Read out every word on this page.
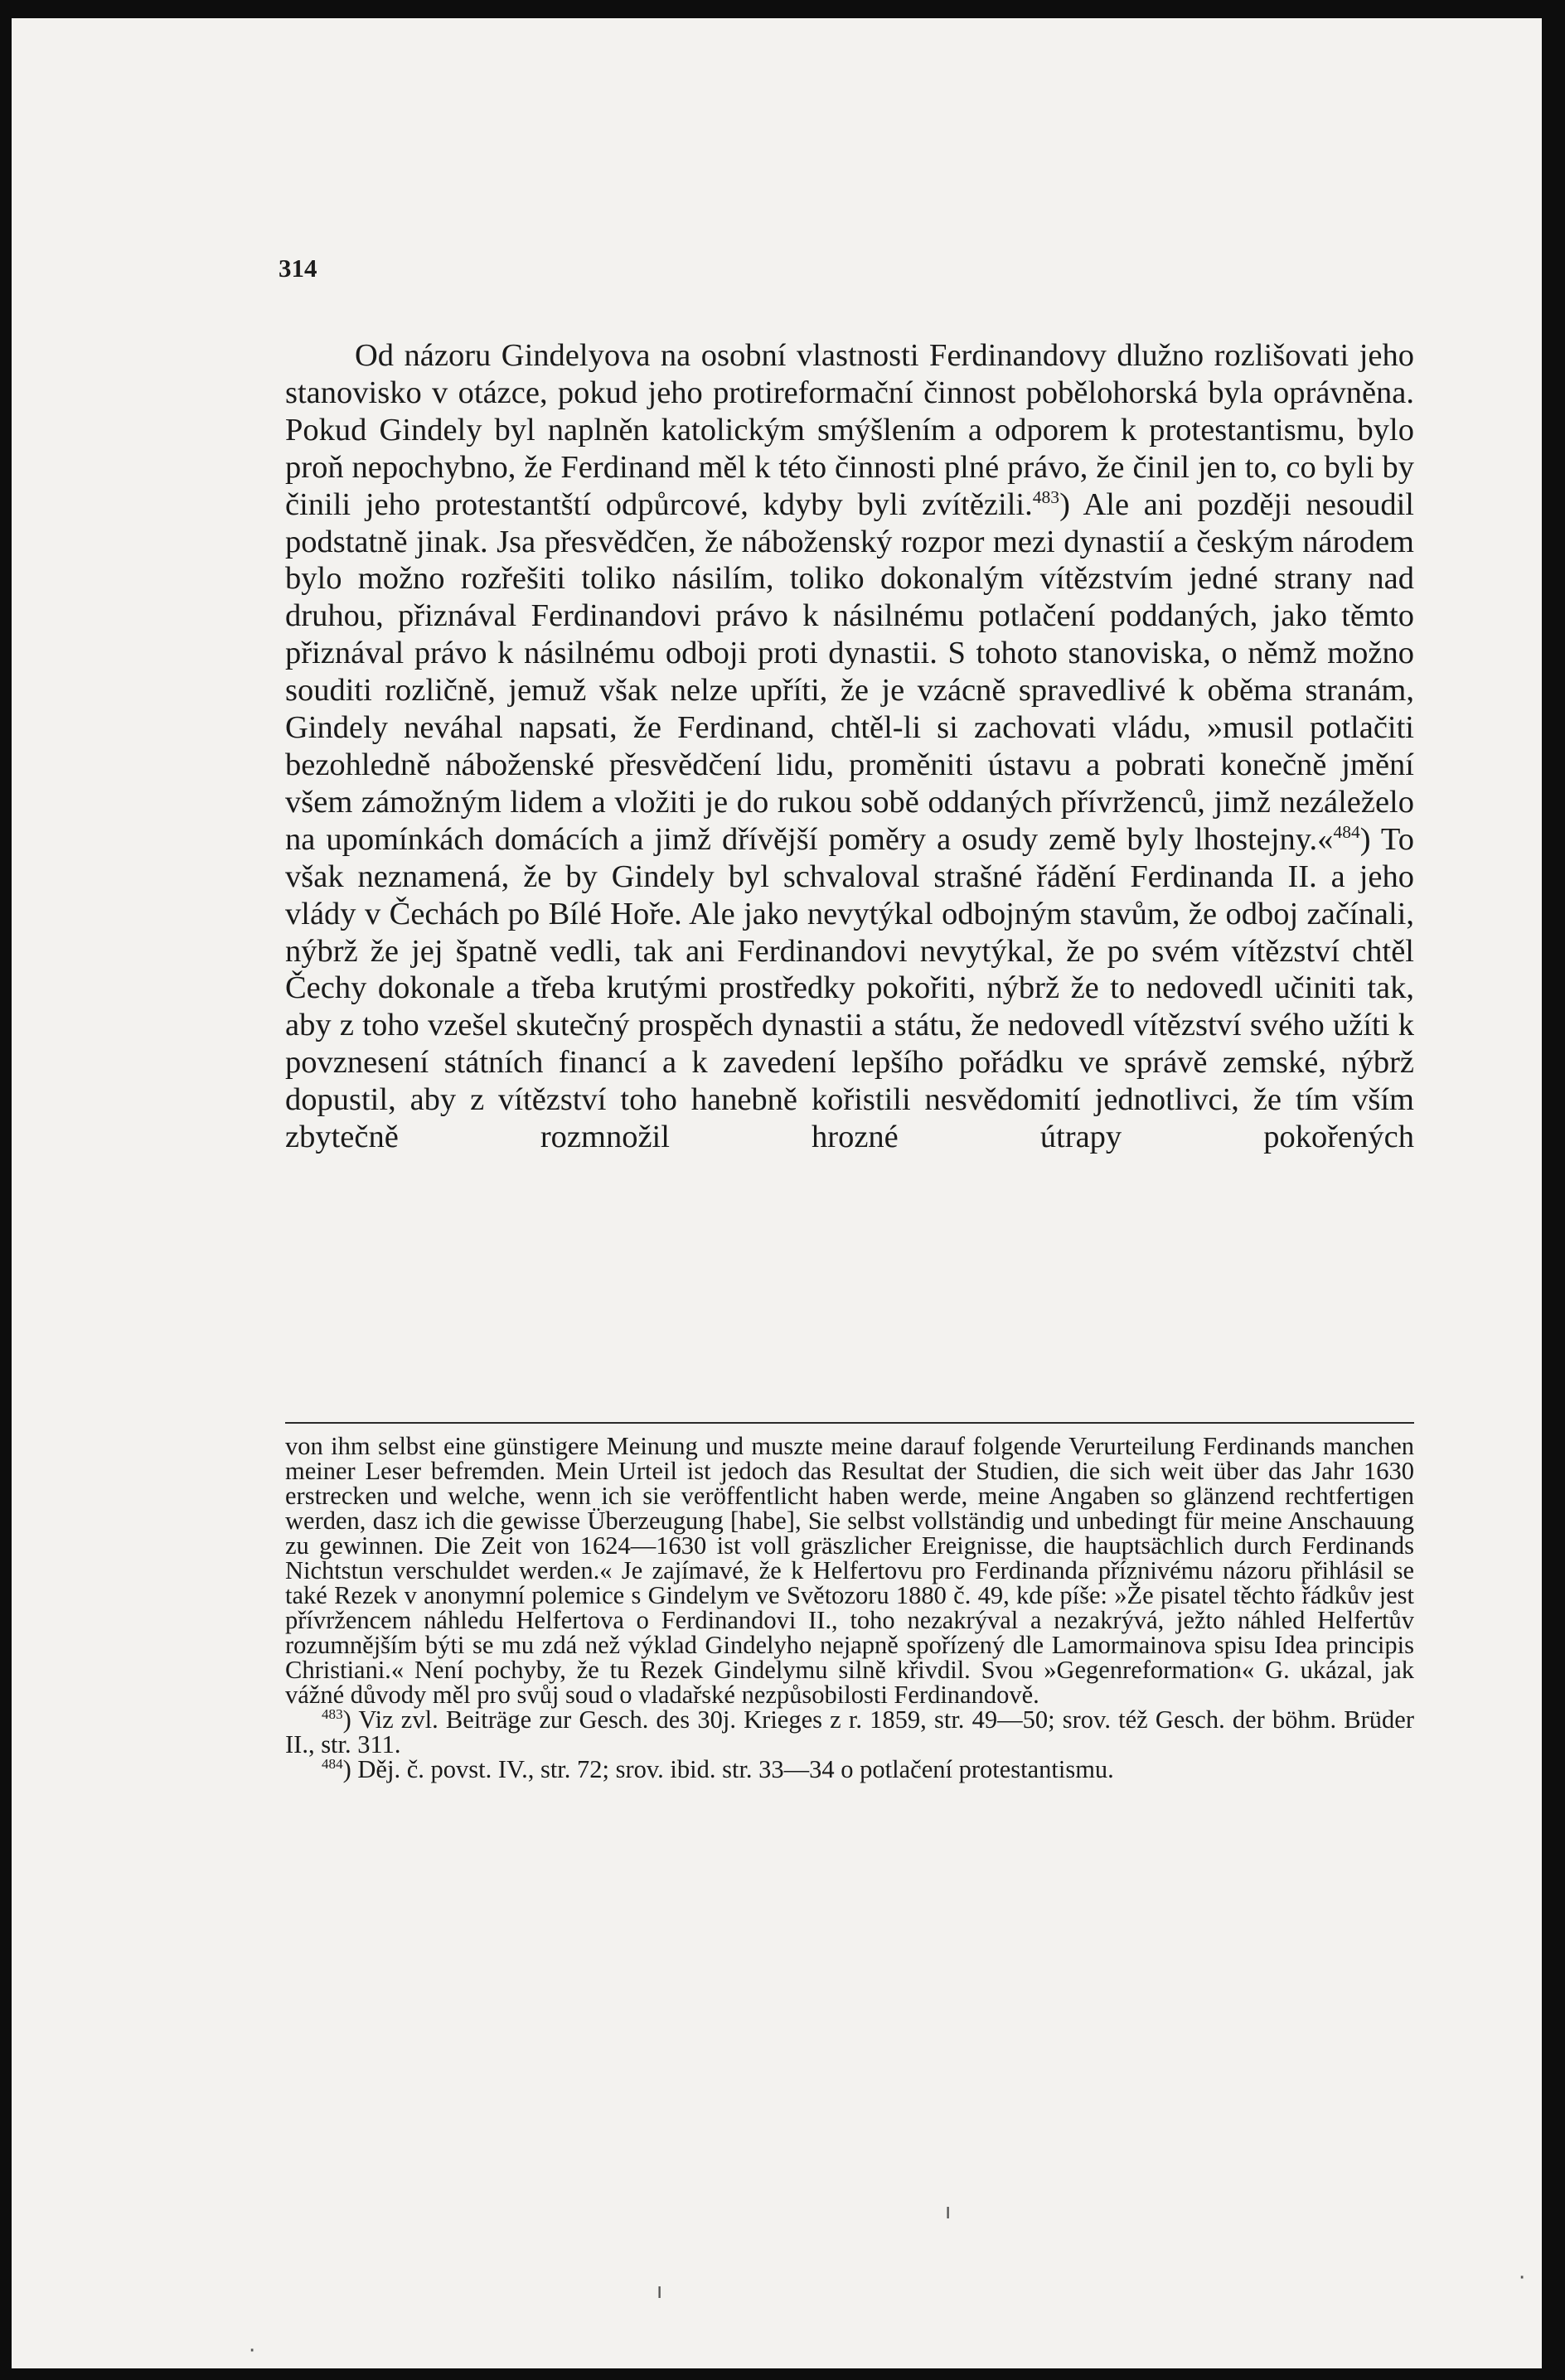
314

Od názoru Gindelyova na osobní vlastnosti Ferdinandovy dlužno rozlišovati jeho stanovisko v otázce, pokud jeho protireformační činnost pobělohorská byla oprávněna. Pokud Gindely byl naplněn katolickým smýšlením a odporem k protestantismu, bylo proň nepochybno, že Ferdinand měl k této činnosti plné právo, že činil jen to, co byli by činili jeho protestantští odpůrcové, kdyby byli zvítězili.$^{483}$) Ale ani později nesoudil podstatně jinak. Jsa přesvědčen, že náboženský rozpor mezi dynastií a českým národem bylo možno rozřešiti toliko násilím, toliko dokonalým vítězstvím jedné strany nad druhou, přiznával Ferdinandovi právo k násilnému potlačení poddaných, jako těmto přiznával právo k násilnému odboji proti dynastii. S tohoto stanoviska, o němž možno souditi rozličně, jemuž však nelze upříti, že je vzácně spravedlivé k oběma stranám, Gindely neváhal napsati, že Ferdinand, chtěl-li si zachovati vládu, »musil potlačiti bezohledně náboženské přesvědčení lidu, proměniti ústavu a pobrati konečně jmění všem zámožným lidem a vložiti je do rukou sobě oddaných přívrženců, jimž nezáleželo na upomínkách domácích a jimž dřívější poměry a osudy země byly lhostejny.«$^{484}$) To však neznamená, že by Gindely byl schvaloval strašné řádění Ferdinanda II. a jeho vlády v Čechách po Bílé Hoře. Ale jako nevytýkal odbojným stavům, že odboj začínali, nýbrž že jej špatně vedli, tak ani Ferdinandovi nevytýkal, že po svém vítězství chtěl Čechy dokonale a třeba krutými prostředky pokořiti, nýbrž že to nedovedl učiniti tak, aby z toho vzešel skutečný prospěch dynastii a státu, že nedovedl vítězství svého užíti k povznesení státních financí a k zavedení lepšího pořádku ve správě zemské, nýbrž dopustil, aby z vítězství toho hanebně kořistili nesvědomití jednotlivci, že tím vším zbytečně rozmnožil hrozné útrapy pokořených

von ihm selbst eine günstigere Meinung und muszte meine darauf folgende Verurteilung Ferdinands manchen meiner Leser befremden. Mein Urteil ist jedoch das Resultat der Studien, die sich weit über das Jahr 1630 erstrecken und welche, wenn ich sie veröffentlicht haben werde, meine Angaben so glänzend rechtfertigen werden, dasz ich die gewisse Überzeugung [habe], Sie selbst vollständig und unbedingt für meine Anschauung zu gewinnen. Die Zeit von 1624—1630 ist voll gräszlicher Ereignisse, die hauptsächlich durch Ferdinands Nichtstun verschuldet werden.« Je zajímavé, že k Helfertovu pro Ferdinanda příznivému názoru přihlásil se také Rezek v anonymní polemice s Gindelym ve Světozoru 1880 č. 49, kde píše: »Že pisatel těchto řádkův jest přívržencem náhledu Helfertova o Ferdinandovi II., toho nezakrýval a nezakrývá, ježto náhled Helfertův rozumnějším býti se mu zdá než výklad Gindelyho nejapně spořízený dle Lamormainova spisu Idea principis Christiani.« Není pochyby, že tu Rezek Gindelymu silně křivdil. Svou »Gegenreformation« G. ukázal, jak vážné důvody měl pro svůj soud o vladařské nezpůsobilosti Ferdinandově.

$^{483}$) Viz zvl. Beiträge zur Gesch. des 30j. Krieges z r. 1859, str. 49—50; srov. též Gesch. der böhm. Brüder II., str. 311.

$^{484}$) Děj. č. povst. IV., str. 72; srov. ibid. str. 33—34 o potlačení protestantismu.

ı
ı
·
·
